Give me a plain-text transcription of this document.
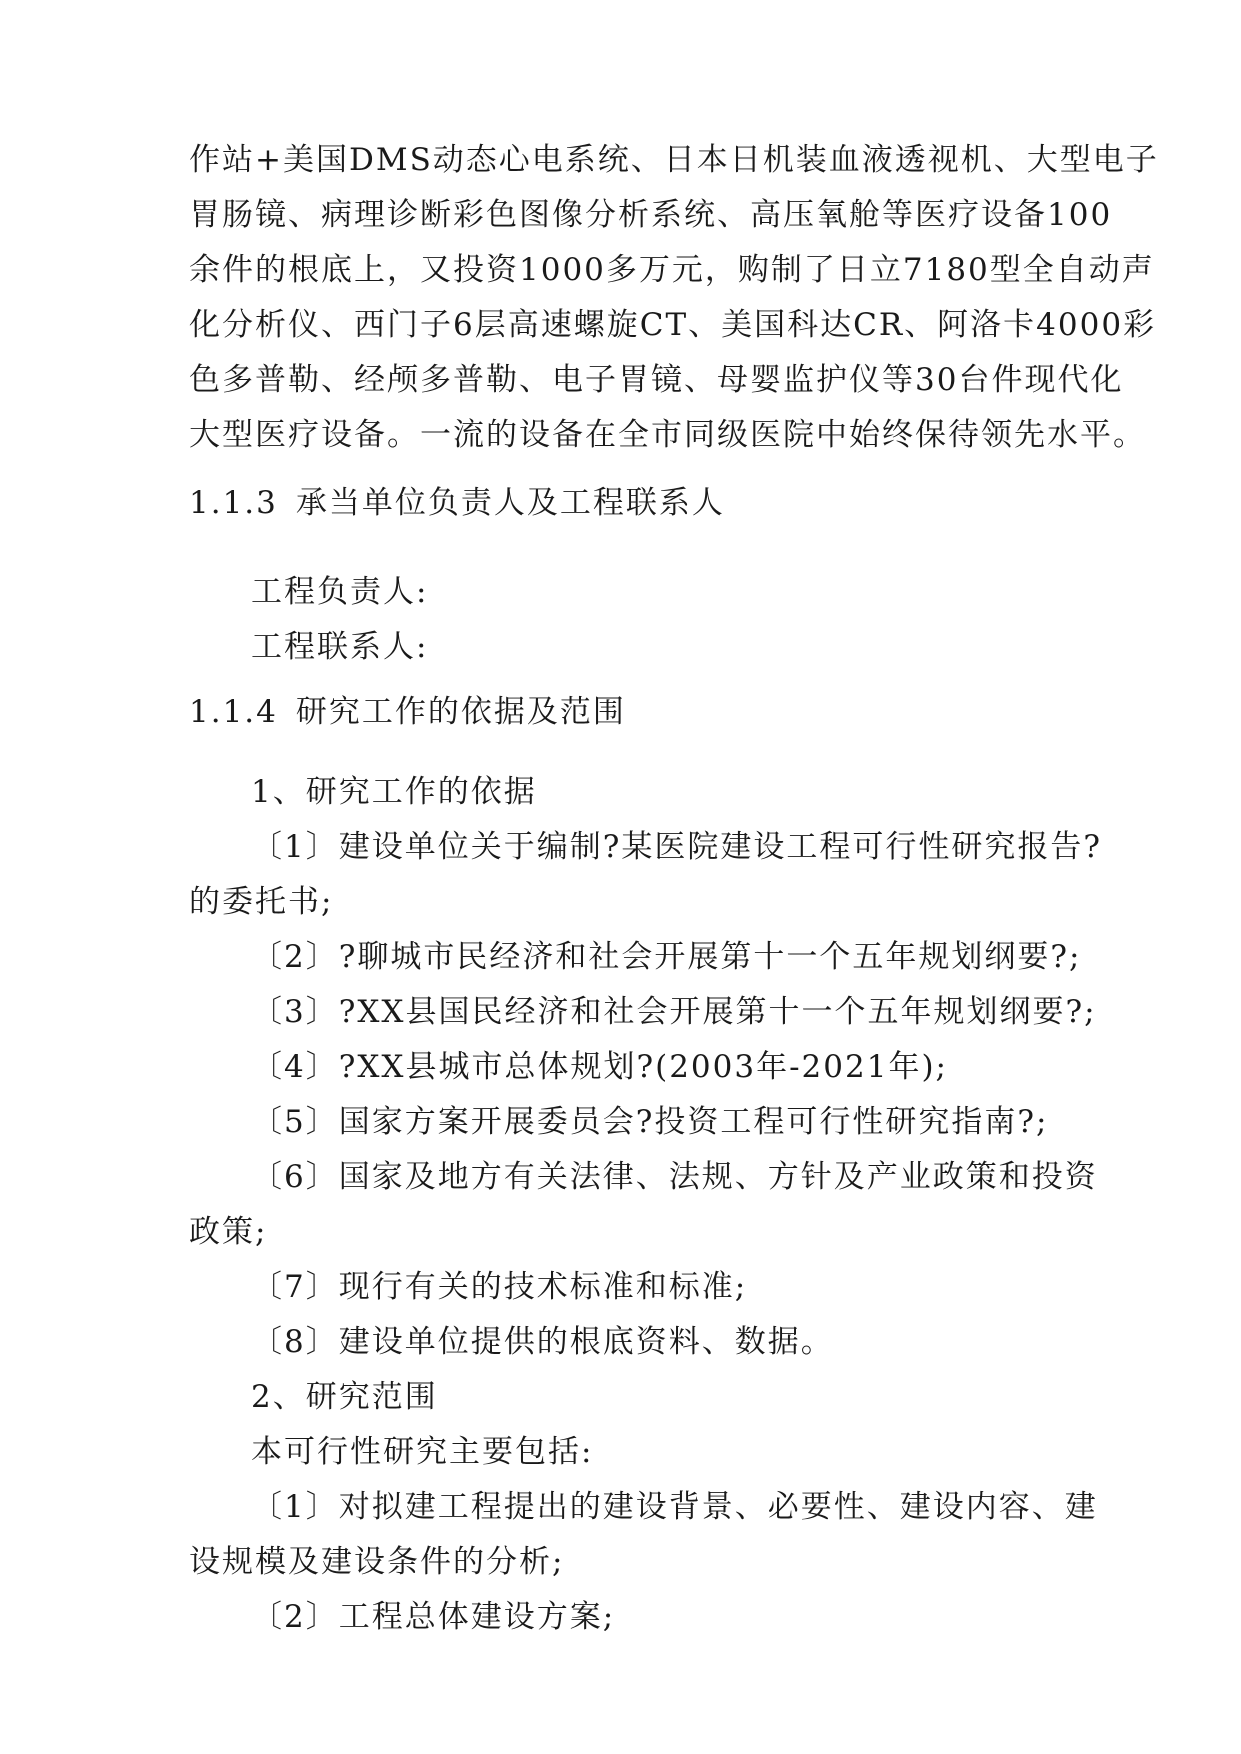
作站+美国DMS动态心电系统、日本日机装血液透视机、大型电子
胃肠镜、病理诊断彩色图像分析系统、高压氧舱等医疗设备100
余件的根底上，又投资1000多万元，购制了日立7180型全自动声
化分析仪、西门子6层高速螺旋CT、美国科达CR、阿洛卡4000彩
色多普勒、经颅多普勒、电子胃镜、母婴监护仪等30台件现代化
大型医疗设备。一流的设备在全市同级医院中始终保待领先水平。
1.1.3 承当单位负责人及工程联系人
工程负责人:
工程联系人:
1.1.4 研究工作的依据及范围
1、研究工作的依据
〔1〕建设单位关于编制?某医院建设工程可行性研究报告?
的委托书;
〔2〕?聊城市民经济和社会开展第十一个五年规划纲要?;
〔3〕?XX县国民经济和社会开展第十一个五年规划纲要?;
〔4〕?XX县城市总体规划?(2003年-2021年);
〔5〕国家方案开展委员会?投资工程可行性研究指南?;
〔6〕国家及地方有关法律、法规、方针及产业政策和投资
政策;
〔7〕现行有关的技术标准和标准;
〔8〕建设单位提供的根底资料、数据。
2、研究范围
本可行性研究主要包括:
〔1〕对拟建工程提出的建设背景、必要性、建设内容、建
设规模及建设条件的分析;
〔2〕工程总体建设方案;
